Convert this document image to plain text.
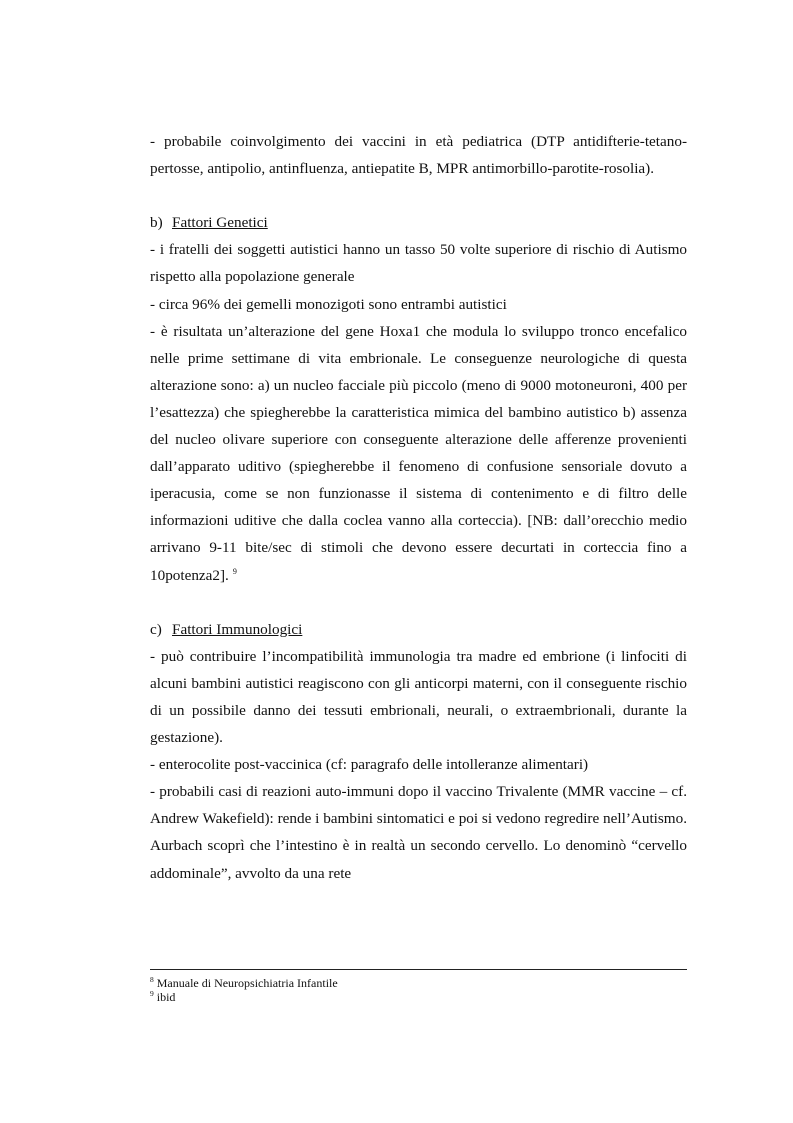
- probabile coinvolgimento dei vaccini in età pediatrica (DTP antidifterie-tetano-pertosse, antipolio, antinfluenza, antiepatite B, MPR antimorbillo-parotite-rosolia).

b) Fattori Genetici

- i fratelli dei soggetti autistici hanno un tasso 50 volte superiore di rischio di Autismo rispetto alla popolazione generale

- circa 96% dei gemelli monozigoti sono entrambi autistici

- è risultata un’alterazione del gene Hoxa1 che modula lo sviluppo tronco encefalico nelle prime settimane di vita embrionale. Le conseguenze neurologiche di questa alterazione sono: a) un nucleo facciale più piccolo (meno di 9000 motoneuroni, 400 per l’esattezza) che spiegherebbe la caratteristica mimica del bambino autistico b) assenza del nucleo olivare superiore con conseguente alterazione delle afferenze provenienti dall’apparato uditivo (spiegherebbe il fenomeno di confusione sensoriale dovuto a iperacusia, come se non funzionasse il sistema di contenimento e di filtro delle informazioni uditive che dalla coclea vanno alla corteccia). [NB: dall’orecchio medio arrivano 9-11 bite/sec di stimoli che devono essere decurtati in corteccia fino a 10potenza2]. $^9$

c) Fattori Immunologici

- può contribuire l’incompatibilità immunologia tra madre ed embrione (i linfociti di alcuni bambini autistici reagiscono con gli anticorpi materni, con il conseguente rischio di un possibile danno dei tessuti embrionali, neurali, o extraembrionali, durante la gestazione).

- enterocolite post-vaccinica (cf: paragrafo delle intolleranze alimentari)

- probabili casi di reazioni auto-immuni dopo il vaccino Trivalente (MMR vaccine – cf. Andrew Wakefield): rende i bambini sintomatici e poi si vedono regredire nell’Autismo. Aurbach scoprì che l’intestino è in realtà un secondo cervello. Lo denominò “cervello addominale”, avvolto da una rete

$^8$ Manuale di Neuropsichiatria Infantile
$^9$ ibid
